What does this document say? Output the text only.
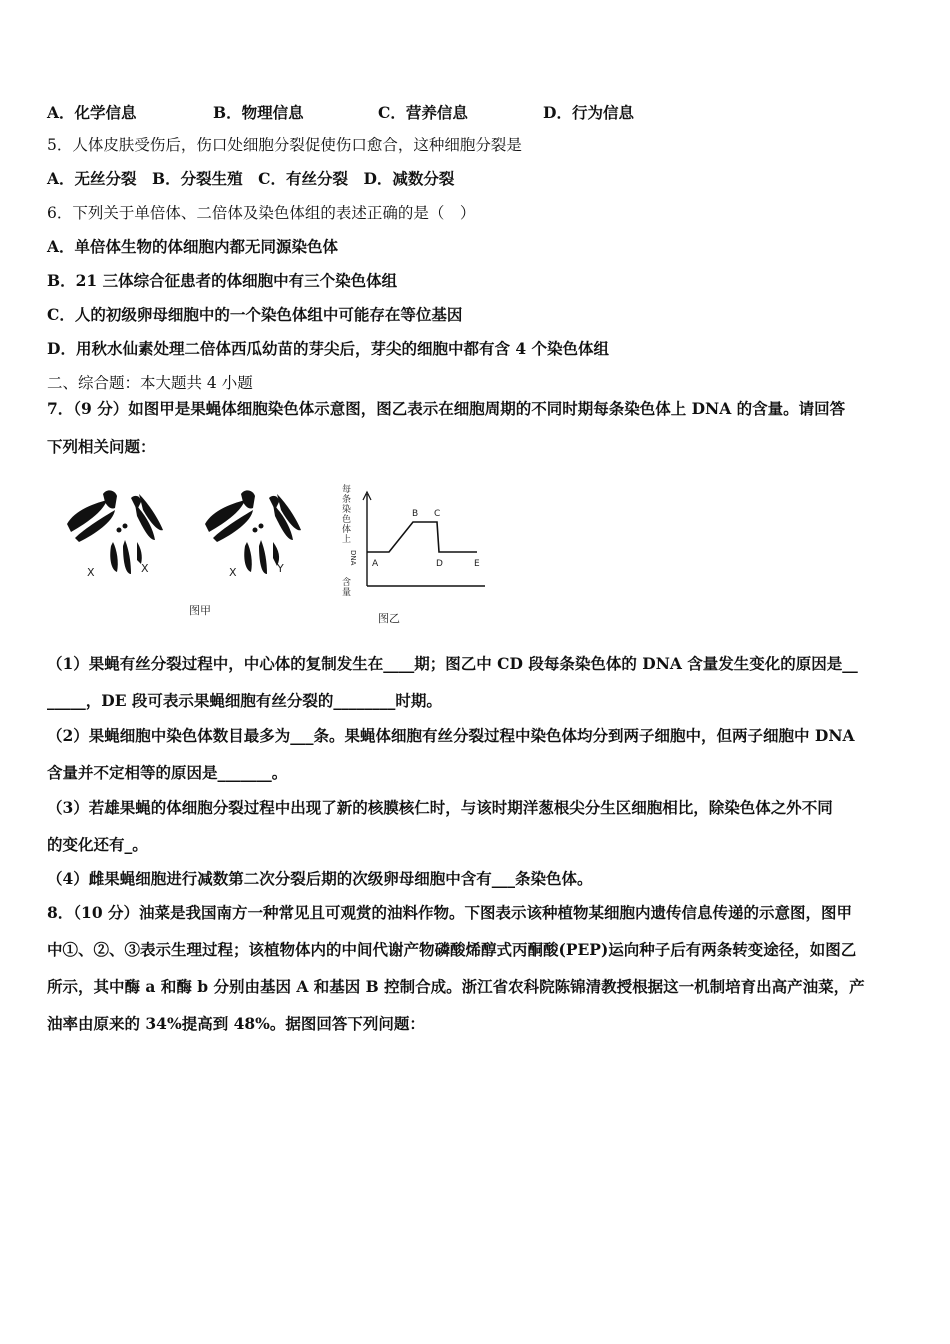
A．化学信息	B．物理信息	C．营养信息	D．行为信息
5．人体皮肤受伤后，伤口处细胞分裂促使伤口愈合，这种细胞分裂是
A．无丝分裂　B．分裂生殖　C．有丝分裂　D．减数分裂
6．下列关于单倍体、二倍体及染色体组的表述正确的是（　）
A．单倍体生物的体细胞内都无同源染色体
B．21 三体综合征患者的体细胞中有三个染色体组
C．人的初级卵母细胞中的一个染色体组中可能存在等位基因
D．用秋水仙素处理二倍体西瓜幼苗的芽尖后，芽尖的细胞中都有含 4 个染色体组
二、综合题：本大题共 4 小题
7．（9 分）如图甲是果蝇体细胞染色体示意图，图乙表示在细胞周期的不同时期每条染色体上 DNA 的含量。请回答
下列相关问题：
X	X	X	Y
图甲
每
条
染
色
体
上
DNA
含
量
A
B C
D	E
图乙
（1）果蝇有丝分裂过程中，中心体的复制发生在____期；图乙中 CD 段每条染色体的 DNA 含量发生变化的原因是__
_____，DE 段可表示果蝇细胞有丝分裂的________时期。
（2）果蝇细胞中染色体数目最多为___条。果蝇体细胞有丝分裂过程中染色体均分到两子细胞中，但两子细胞中 DNA
含量并不定相等的原因是_______。
（3）若雄果蝇的体细胞分裂过程中出现了新的核膜核仁时，与该时期洋葱根尖分生区细胞相比，除染色体之外不同
的变化还有_。
（4）雌果蝇细胞进行减数第二次分裂后期的次级卵母细胞中含有___条染色体。
8．（10 分）油菜是我国南方一种常见且可观赏的油料作物。下图表示该种植物某细胞内遗传信息传递的示意图，图甲
中①、②、③表示生理过程；该植物体内的中间代谢产物磷酸烯醇式丙酮酸(PEP)运向种子后有两条转变途径，如图乙
所示，其中酶 a 和酶 b 分别由基因 A 和基因 B 控制合成。浙江省农科院陈锦清教授根据这一机制培育出高产油菜，产
油率由原来的 34%提高到 48%。据图回答下列问题：
